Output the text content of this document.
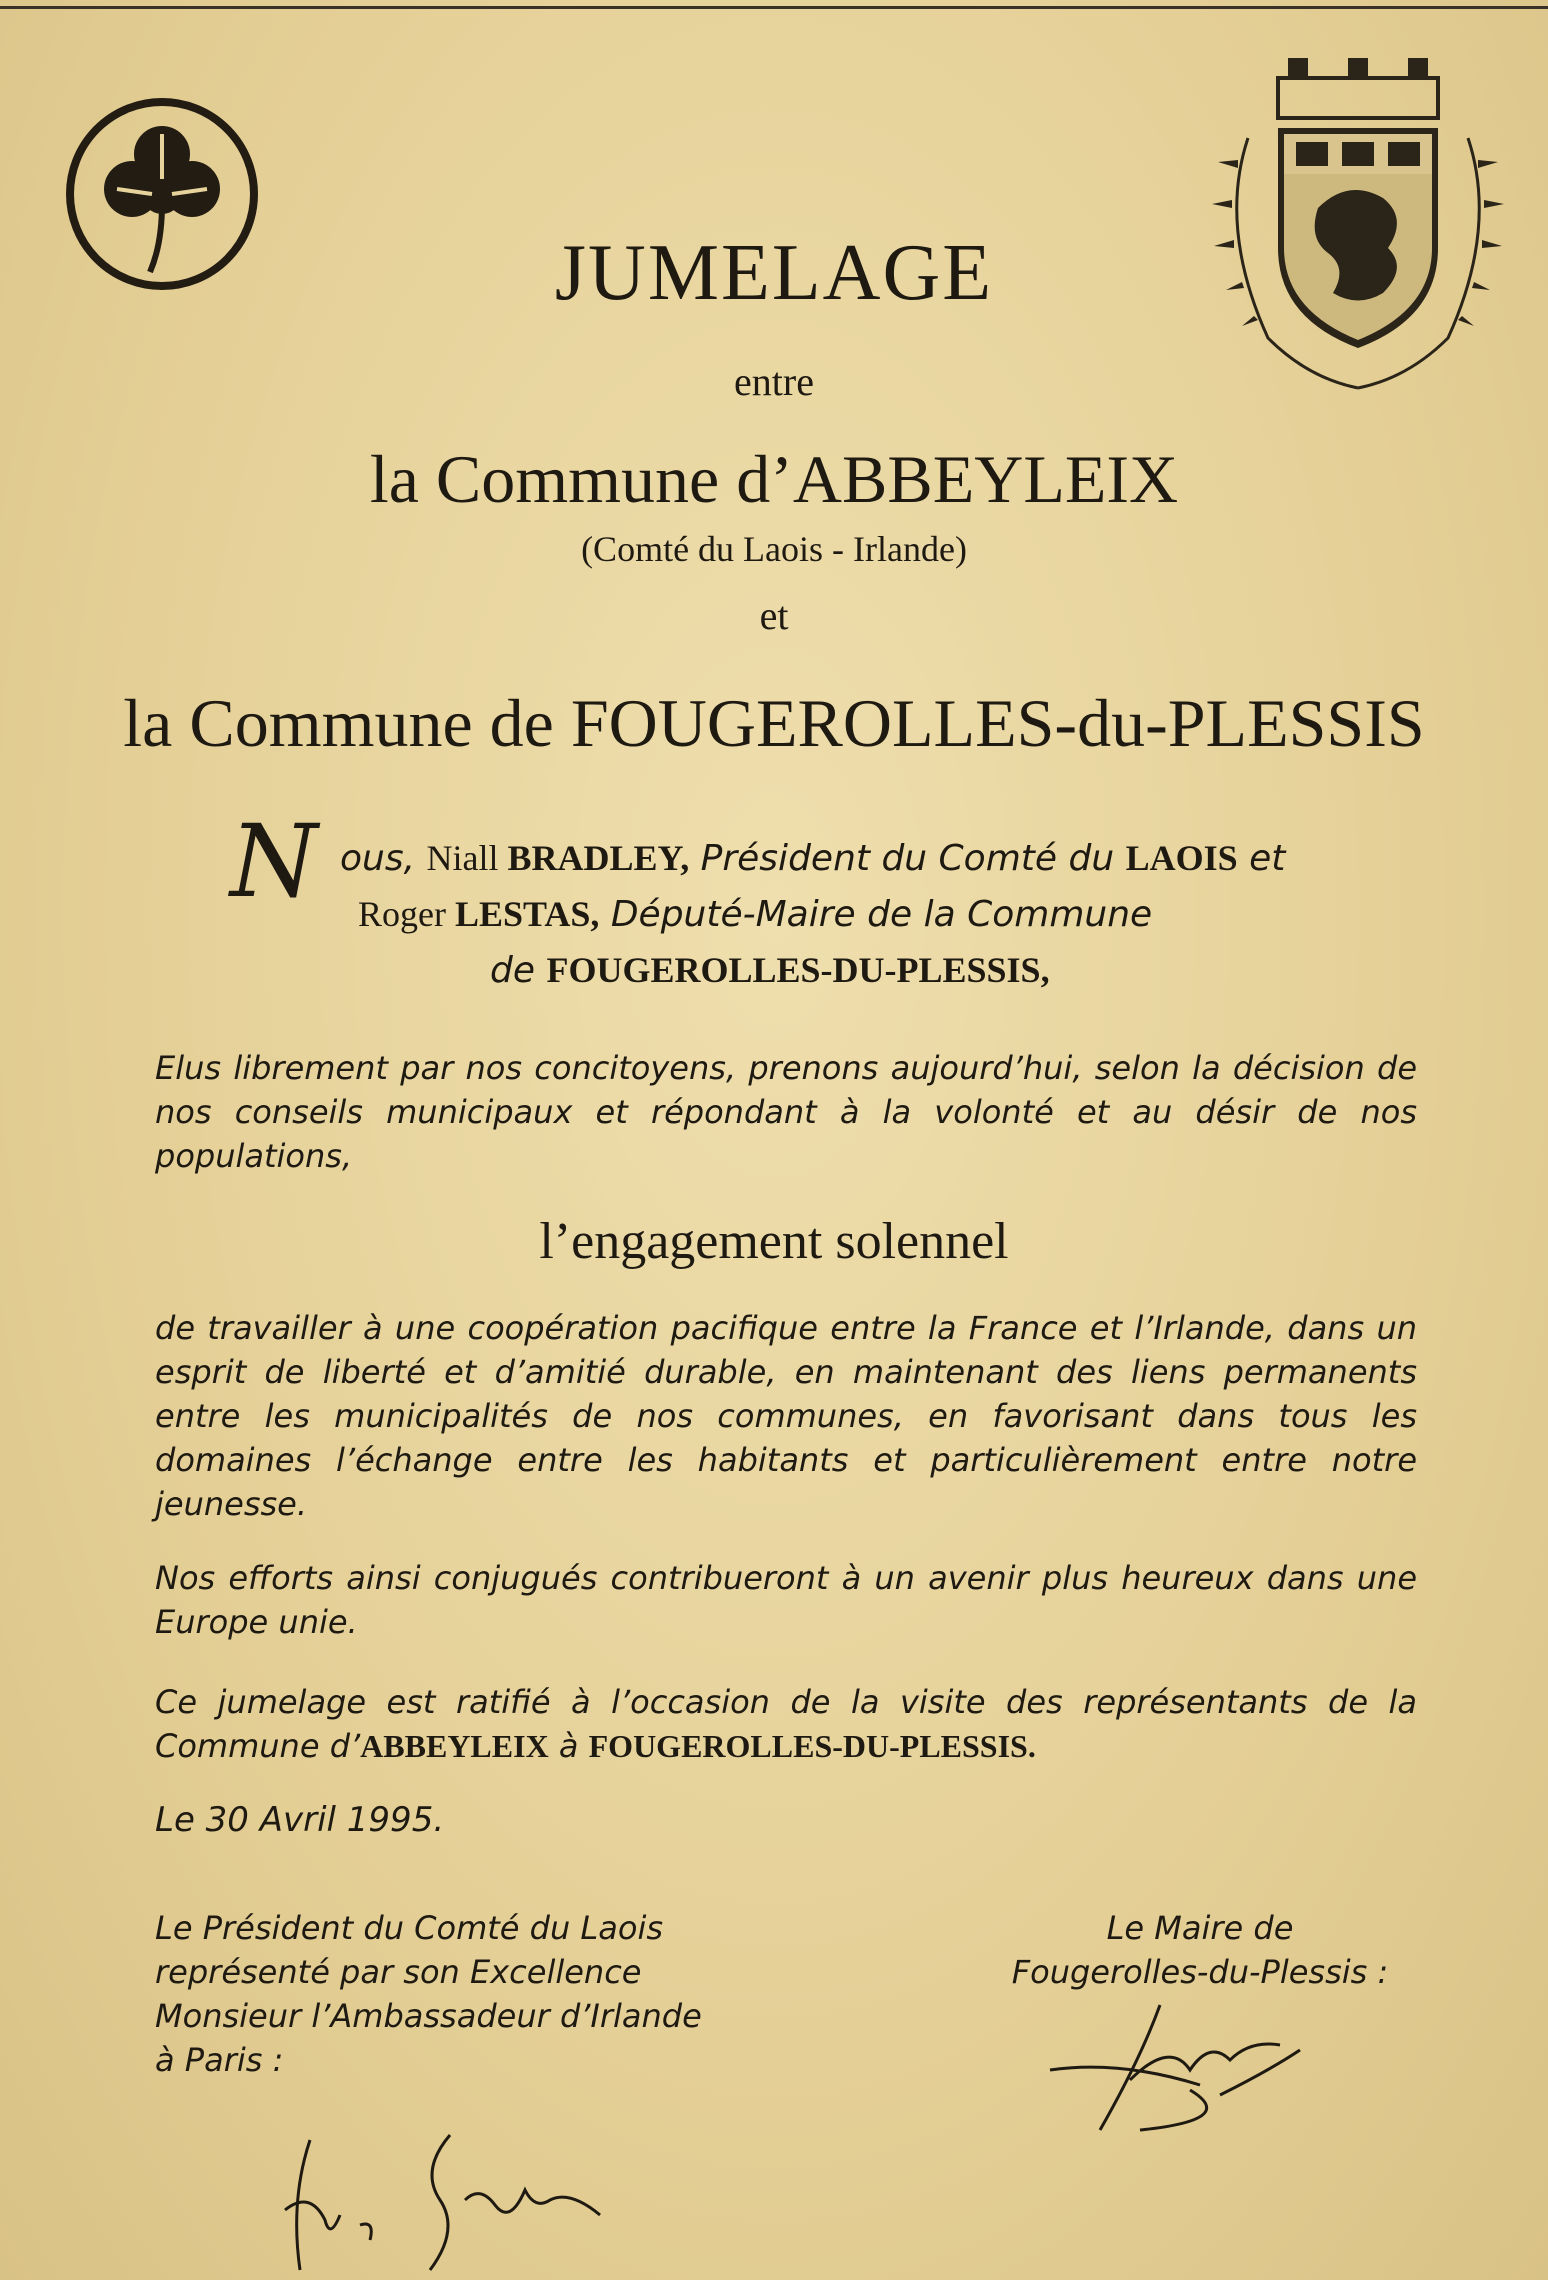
JUMELAGE
entre
la Commune d’ABBEYLEIX
(Comté du Laois - Irlande)
et
la Commune de FOUGEROLLES-du-PLESSIS
N ous, Niall BRADLEY, Président du Comté du LAOIS et
Roger LESTAS, Député-Maire de la Commune
de FOUGEROLLES-DU-PLESSIS,
Elus librement par nos concitoyens, prenons aujourd’hui, selon la décision de nos conseils municipaux et répondant à la volonté et au désir de nos populations,
l’engagement solennel
de travailler à une coopération pacifique entre la France et l’Irlande, dans un esprit de liberté et d’amitié durable, en maintenant des liens permanents entre les municipalités de nos communes, en favorisant dans tous les domaines l’échange entre les habitants et particulièrement entre notre jeunesse.
Nos efforts ainsi conjugués contribueront à un avenir plus heureux dans une Europe unie.
Ce jumelage est ratifié à l’occasion de la visite des représentants de la Commune d’ABBEYLEIX à FOUGEROLLES-DU-PLESSIS.
Le 30 Avril 1995.
Le Président du Comté du Laois
représenté par son Excellence
Monsieur l’Ambassadeur d’Irlande
à Paris :
Le Maire de
Fougerolles-du-Plessis :
